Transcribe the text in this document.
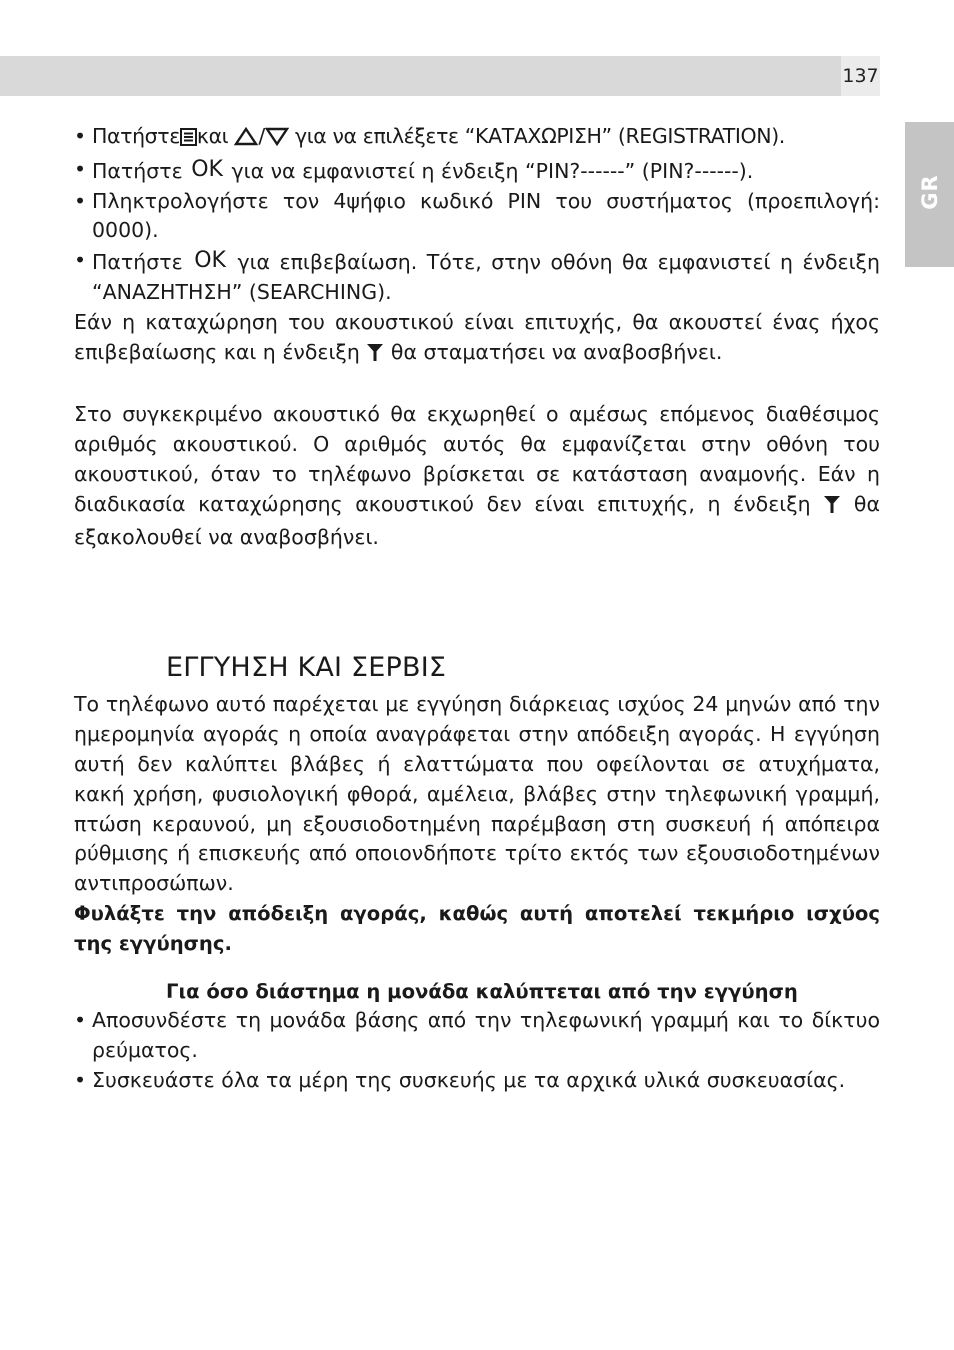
137
GR
• Πατήστε και / για να επιλέξετε “ΚΑΤΑΧΩΡΙΣΗ” (REGISTRATION).
• Πατήστε OK για να εμφανιστεί η ένδειξη “PIN?------” (PIN?------).
• Πληκτρολογήστε τον 4ψήφιο κωδικό PIN του συστήματος (προεπιλογή: 0000).
• Πατήστε OK για επιβεβαίωση. Τότε, στην οθόνη θα εμφανιστεί η ένδειξη “ΑΝΑΖΗΤΗΣΗ” (SEARCHING).

Εάν η καταχώρηση του ακουστικού είναι επιτυχής, θα ακουστεί ένας ήχος επιβεβαίωσης και η ένδειξη θα σταματήσει να αναβοσβήνει.

Στο συγκεκριμένο ακουστικό θα εκχωρηθεί ο αμέσως επόμενος διαθέσιμος αριθμός ακουστικού. Ο αριθμός αυτός θα εμφανίζεται στην οθόνη του ακουστικού, όταν το τηλέφωνο βρίσκεται σε κατάσταση αναμονής. Εάν η διαδικασία καταχώρησης ακουστικού δεν είναι επιτυχής, η ένδειξη θα εξακολουθεί να αναβοσβήνει.

ΕΓΓΥΗΣΗ ΚΑΙ ΣΕΡΒΙΣ

Το τηλέφωνο αυτό παρέχεται με εγγύηση διάρκειας ισχύος 24 μηνών από την ημερομηνία αγοράς η οποία αναγράφεται στην απόδειξη αγοράς. Η εγγύηση αυτή δεν καλύπτει βλάβες ή ελαττώματα που οφείλονται σε ατυχήματα, κακή χρήση, φυσιολογική φθορά, αμέλεια, βλάβες στην τηλεφωνική γραμμή, πτώση κεραυνού, μη εξουσιοδοτημένη παρέμβαση στη συσκευή ή απόπειρα ρύθμισης ή επισκευής από οποιονδήποτε τρίτο εκτός των εξουσιοδοτημένων αντιπροσώπων.

Φυλάξτε την απόδειξη αγοράς, καθώς αυτή αποτελεί τεκμήριο ισχύος της εγγύησης.

Για όσο διάστημα η μονάδα καλύπτεται από την εγγύηση
• Αποσυνδέστε τη μονάδα βάσης από την τηλεφωνική γραμμή και το δίκτυο ρεύματος.
• Συσκευάστε όλα τα μέρη της συσκευής με τα αρχικά υλικά συσκευασίας.
